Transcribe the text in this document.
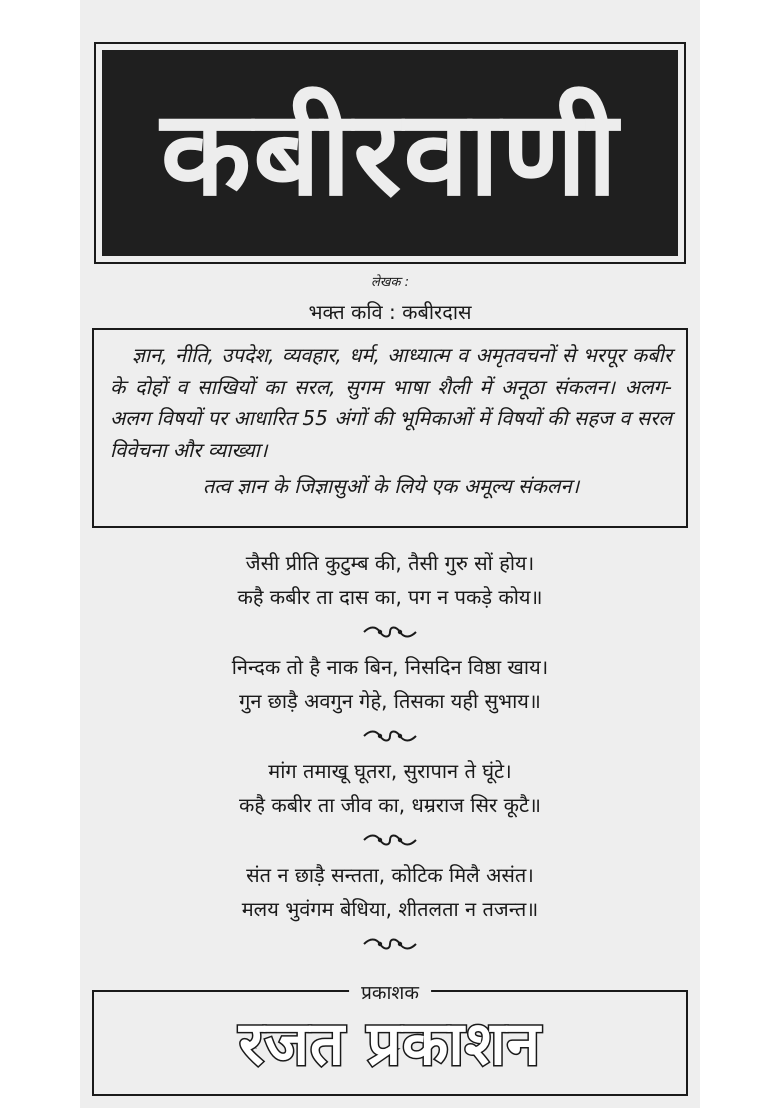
कबीरवाणी
लेखक :
भक्त कवि : कबीरदास

ज्ञान, नीति, उपदेश, व्यवहार, धर्म, आध्यात्म व अमृतवचनों से भरपूर कबीर के दोहों व साखियों का सरल, सुगम भाषा शैली में अनूठा संकलन। अलग-अलग विषयों पर आधारित 55 अंगों की भूमिकाओं में विषयों की सहज व सरल विवेचना और व्याख्या।

तत्व ज्ञान के जिज्ञासुओं के लिये एक अमूल्य संकलन।

जैसी प्रीति कुटुम्ब की, तैसी गुरु सों होय।
कहै कबीर ता दास का, पग न पकड़े कोय॥
निन्दक तो है नाक बिन, निसदिन विष्ठा खाय।
गुन छाड़ै अवगुन गेहे, तिसका यही सुभाय॥
मांग तमाखू घूतरा, सुरापान ते घूंटे।
कहै कबीर ता जीव का, धम्रराज सिर कूटै॥
संत न छाड़ै सन्तता, कोटिक मिलै असंत।
मलय भुवंगम बेधिया, शीतलता न तजन्त॥
प्रकाशक
रजत प्रकाशन
